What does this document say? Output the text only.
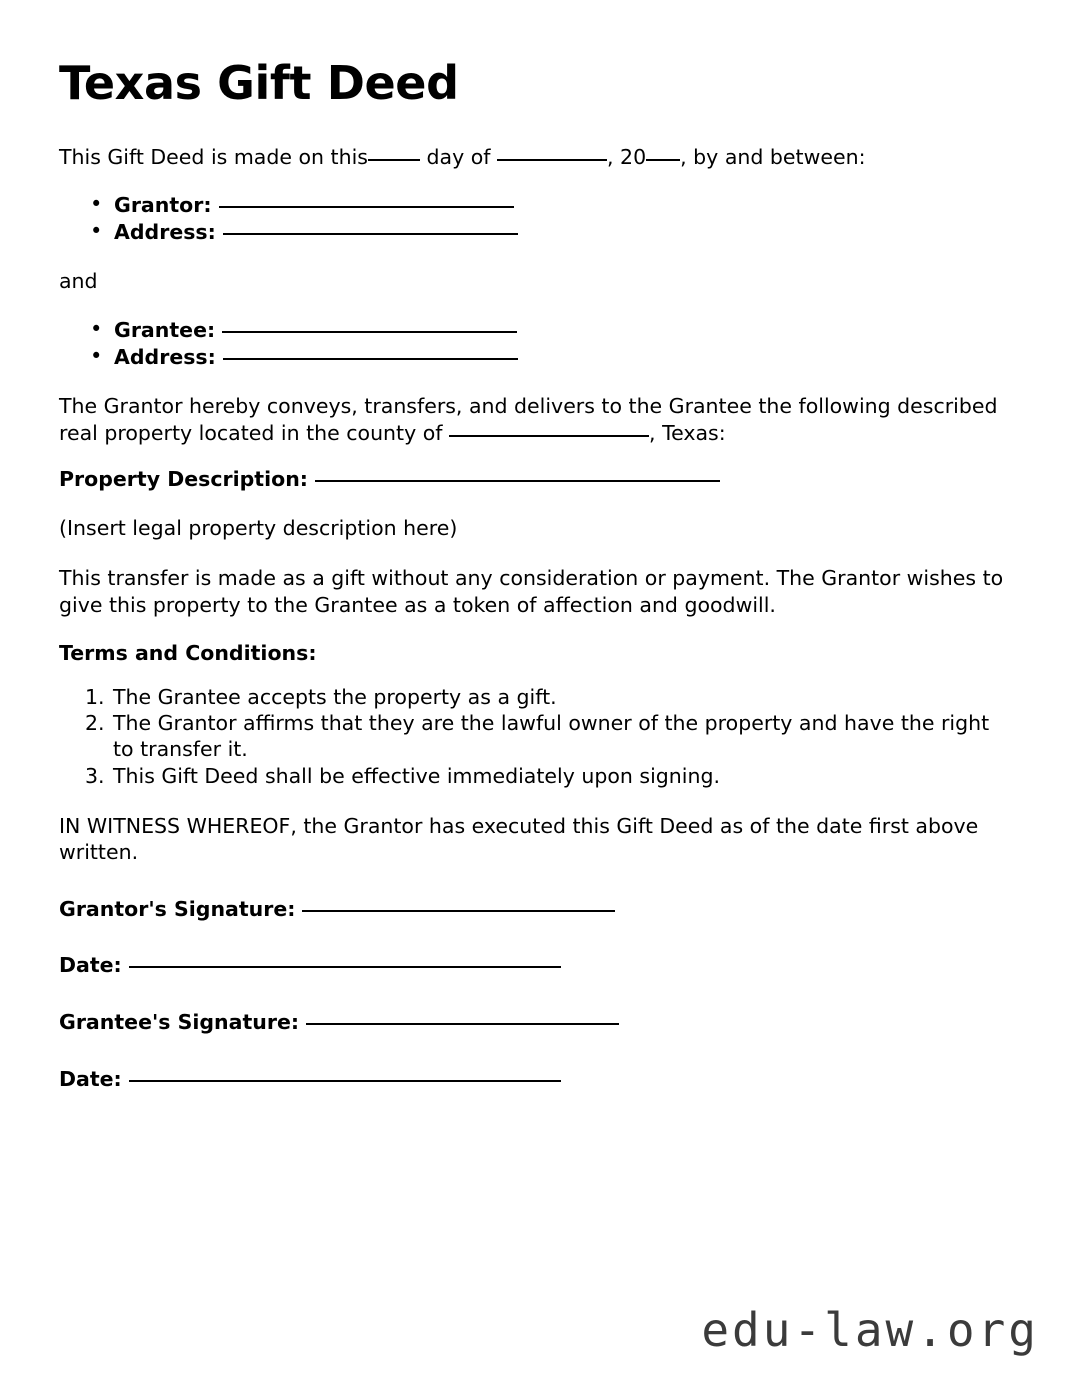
Texas Gift Deed

This Gift Deed is made on this	day of	, 20 , by and between:

• Grantor:
• Address:

and

• Grantee:
• Address:

The Grantor hereby conveys, transfers, and delivers to the Grantee the following described real property located in the county of	, Texas:

Property Description:

(Insert legal property description here)

This transfer is made as a gift without any consideration or payment. The Grantor wishes to give this property to the Grantee as a token of affection and goodwill.

Terms and Conditions:

The Grantee accepts the property as a gift.
The Grantor affirms that they are the lawful owner of the property and have the right to transfer it.
This Gift Deed shall be effective immediately upon signing.

IN WITNESS WHEREOF, the Grantor has executed this Gift Deed as of the date first above written.

Grantor's Signature:

Date:

Grantee's Signature:

Date:

edu-law.org
